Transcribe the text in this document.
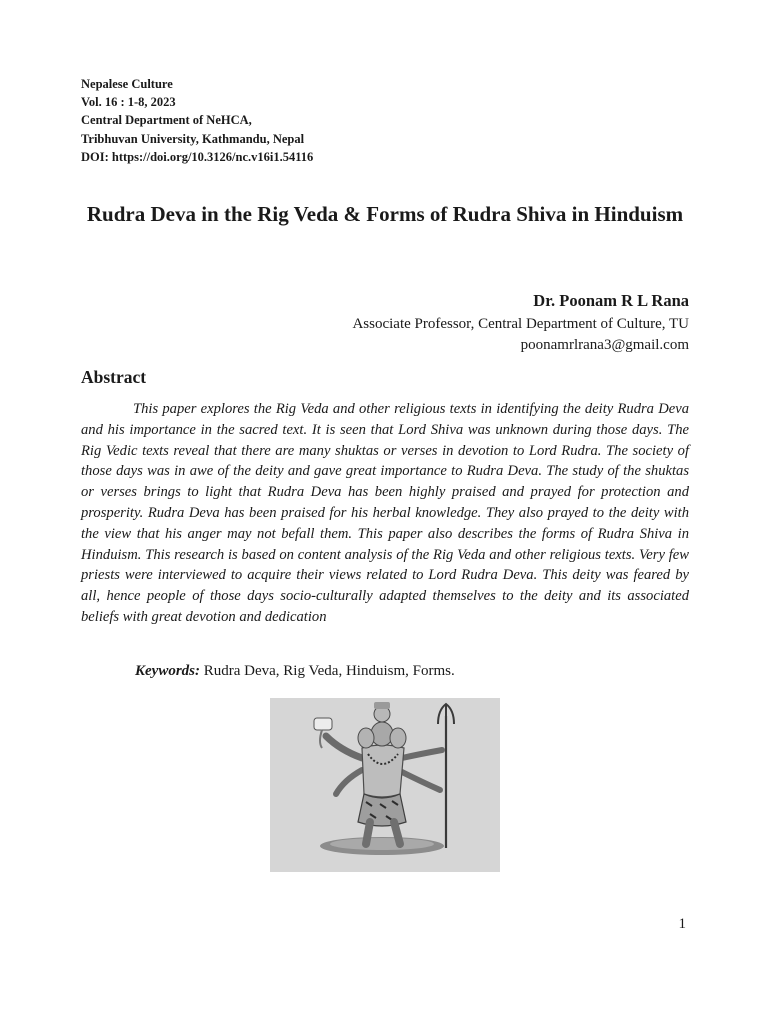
Nepalese Culture
Vol. 16 : 1-8, 2023
Central Department of NeHCA,
Tribhuvan University, Kathmandu, Nepal
DOI: https://doi.org/10.3126/nc.v16i1.54116
Rudra Deva in the Rig Veda & Forms of Rudra Shiva in Hinduism
Dr. Poonam R L Rana
Associate Professor, Central Department of Culture, TU
poonamrlrana3@gmail.com
Abstract
This paper explores the Rig Veda and other religious texts in identifying the deity Rudra Deva and his importance in the sacred text. It is seen that Lord Shiva was unknown during those days. The Rig Vedic texts reveal that there are many shuktas or verses in devotion to Lord Rudra. The society of those days was in awe of the deity and gave great importance to Rudra Deva. The study of the shuktas or verses brings to light that Rudra Deva has been highly praised and prayed for protection and prosperity. Rudra Deva has been praised for his herbal knowledge. They also prayed to the deity with the view that his anger may not befall them. This paper also describes the forms of Rudra Shiva in Hinduism. This research is based on content analysis of the Rig Veda and other religious texts. Very few priests were interviewed to acquire their views related to Lord Rudra Deva. This deity was feared by all, hence people of those days socio-culturally adapted themselves to the deity and its associated beliefs with great devotion and dedication
Keywords: Rudra Deva, Rig Veda, Hinduism, Forms.
1
